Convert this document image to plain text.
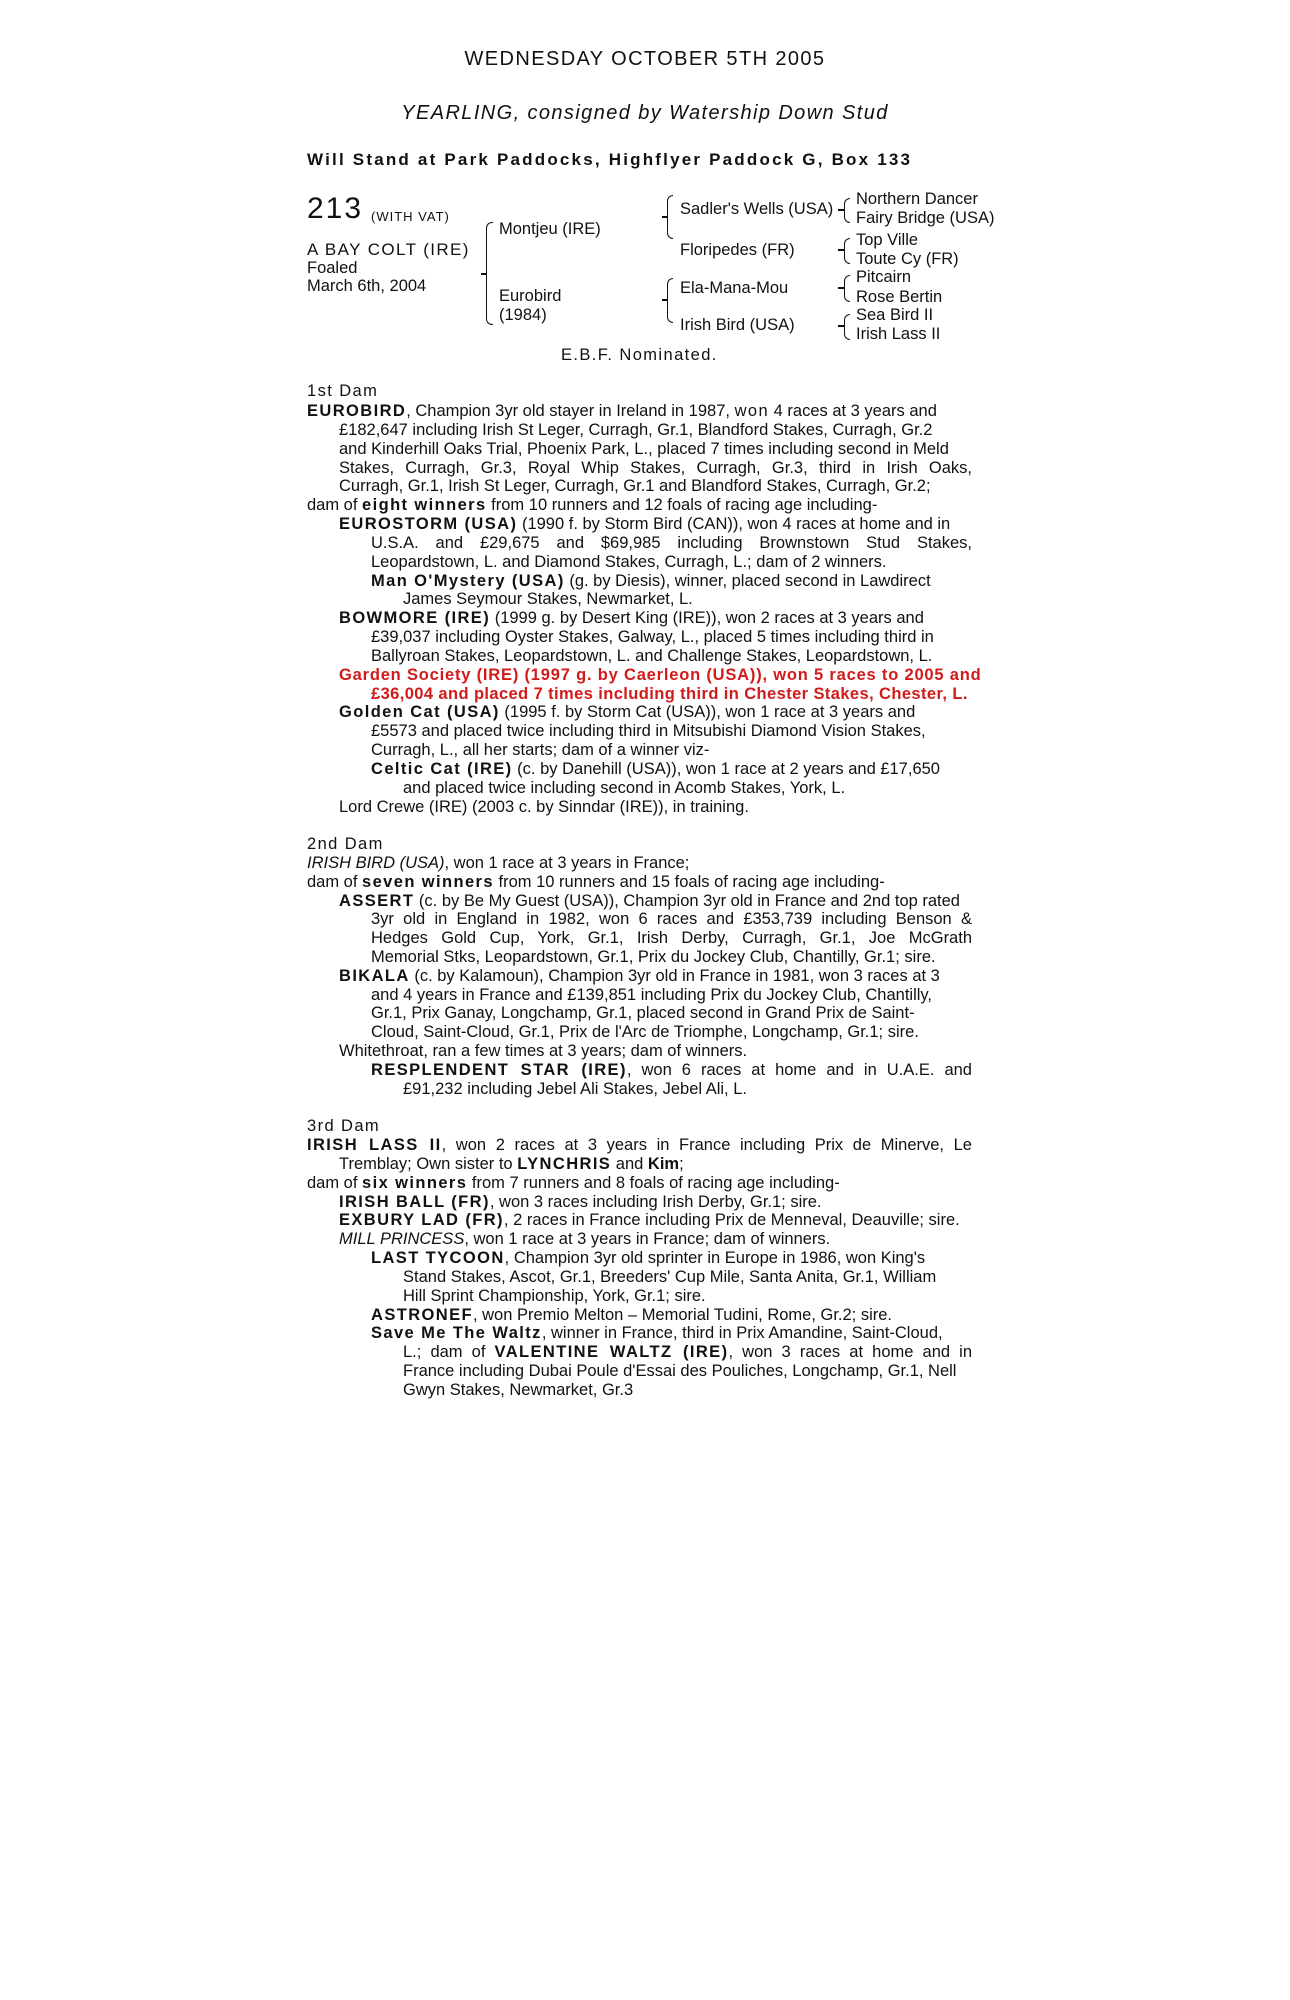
WEDNESDAY OCTOBER 5TH 2005
YEARLING, consigned by Watership Down Stud
Will Stand at Park Paddocks, Highflyer Paddock G, Box 133
213 (WITH VAT)
A BAY COLT (IRE)
Foaled
March 6th, 2004
Montjeu (IRE)
Eurobird
(1984)
Sadler's Wells (USA)
Floripedes (FR)
Ela-Mana-Mou
Irish Bird (USA)
Northern Dancer
Fairy Bridge (USA)
Top Ville
Toute Cy (FR)
Pitcairn
Rose Bertin
Sea Bird II
Irish Lass II
E.B.F. Nominated.
1st Dam
EUROBIRD, Champion 3yr old stayer in Ireland in 1987, won 4 races at 3 years and
£182,647 including Irish St Leger, Curragh, Gr.1, Blandford Stakes, Curragh, Gr.2
and Kinderhill Oaks Trial, Phoenix Park, L., placed 7 times including second in Meld
Stakes, Curragh, Gr.3, Royal Whip Stakes, Curragh, Gr.3, third in Irish Oaks,
Curragh, Gr.1, Irish St Leger, Curragh, Gr.1 and Blandford Stakes, Curragh, Gr.2;
dam of eight winners from 10 runners and 12 foals of racing age including-
EUROSTORM (USA) (1990 f. by Storm Bird (CAN)), won 4 races at home and in
U.S.A. and £29,675 and $69,985 including Brownstown Stud Stakes,
Leopardstown, L. and Diamond Stakes, Curragh, L.; dam of 2 winners.
Man O'Mystery (USA) (g. by Diesis), winner, placed second in Lawdirect
James Seymour Stakes, Newmarket, L.
BOWMORE (IRE) (1999 g. by Desert King (IRE)), won 2 races at 3 years and
£39,037 including Oyster Stakes, Galway, L., placed 5 times including third in
Ballyroan Stakes, Leopardstown, L. and Challenge Stakes, Leopardstown, L.
Garden Society (IRE) (1997 g. by Caerleon (USA)), won 5 races to 2005 and
£36,004 and placed 7 times including third in Chester Stakes, Chester, L.
Golden Cat (USA) (1995 f. by Storm Cat (USA)), won 1 race at 3 years and
£5573 and placed twice including third in Mitsubishi Diamond Vision Stakes,
Curragh, L., all her starts; dam of a winner viz-
Celtic Cat (IRE) (c. by Danehill (USA)), won 1 race at 2 years and £17,650
and placed twice including second in Acomb Stakes, York, L.
Lord Crewe (IRE) (2003 c. by Sinndar (IRE)), in training.
2nd Dam
IRISH BIRD (USA), won 1 race at 3 years in France;
dam of seven winners from 10 runners and 15 foals of racing age including-
ASSERT (c. by Be My Guest (USA)), Champion 3yr old in France and 2nd top rated
3yr old in England in 1982, won 6 races and £353,739 including Benson &
Hedges Gold Cup, York, Gr.1, Irish Derby, Curragh, Gr.1, Joe McGrath
Memorial Stks, Leopardstown, Gr.1, Prix du Jockey Club, Chantilly, Gr.1; sire.
BIKALA (c. by Kalamoun), Champion 3yr old in France in 1981, won 3 races at 3
and 4 years in France and £139,851 including Prix du Jockey Club, Chantilly,
Gr.1, Prix Ganay, Longchamp, Gr.1, placed second in Grand Prix de Saint-
Cloud, Saint-Cloud, Gr.1, Prix de l'Arc de Triomphe, Longchamp, Gr.1; sire.
Whitethroat, ran a few times at 3 years; dam of winners.
RESPLENDENT STAR (IRE), won 6 races at home and in U.A.E. and
£91,232 including Jebel Ali Stakes, Jebel Ali, L.
3rd Dam
IRISH LASS II, won 2 races at 3 years in France including Prix de Minerve, Le
Tremblay; Own sister to LYNCHRIS and Kim;
dam of six winners from 7 runners and 8 foals of racing age including-
IRISH BALL (FR), won 3 races including Irish Derby, Gr.1; sire.
EXBURY LAD (FR), 2 races in France including Prix de Menneval, Deauville; sire.
MILL PRINCESS, won 1 race at 3 years in France; dam of winners.
LAST TYCOON, Champion 3yr old sprinter in Europe in 1986, won King's
Stand Stakes, Ascot, Gr.1, Breeders' Cup Mile, Santa Anita, Gr.1, William
Hill Sprint Championship, York, Gr.1; sire.
ASTRONEF, won Premio Melton – Memorial Tudini, Rome, Gr.2; sire.
Save Me The Waltz, winner in France, third in Prix Amandine, Saint-Cloud,
L.; dam of VALENTINE WALTZ (IRE), won 3 races at home and in
France including Dubai Poule d'Essai des Pouliches, Longchamp, Gr.1, Nell
Gwyn Stakes, Newmarket, Gr.3
